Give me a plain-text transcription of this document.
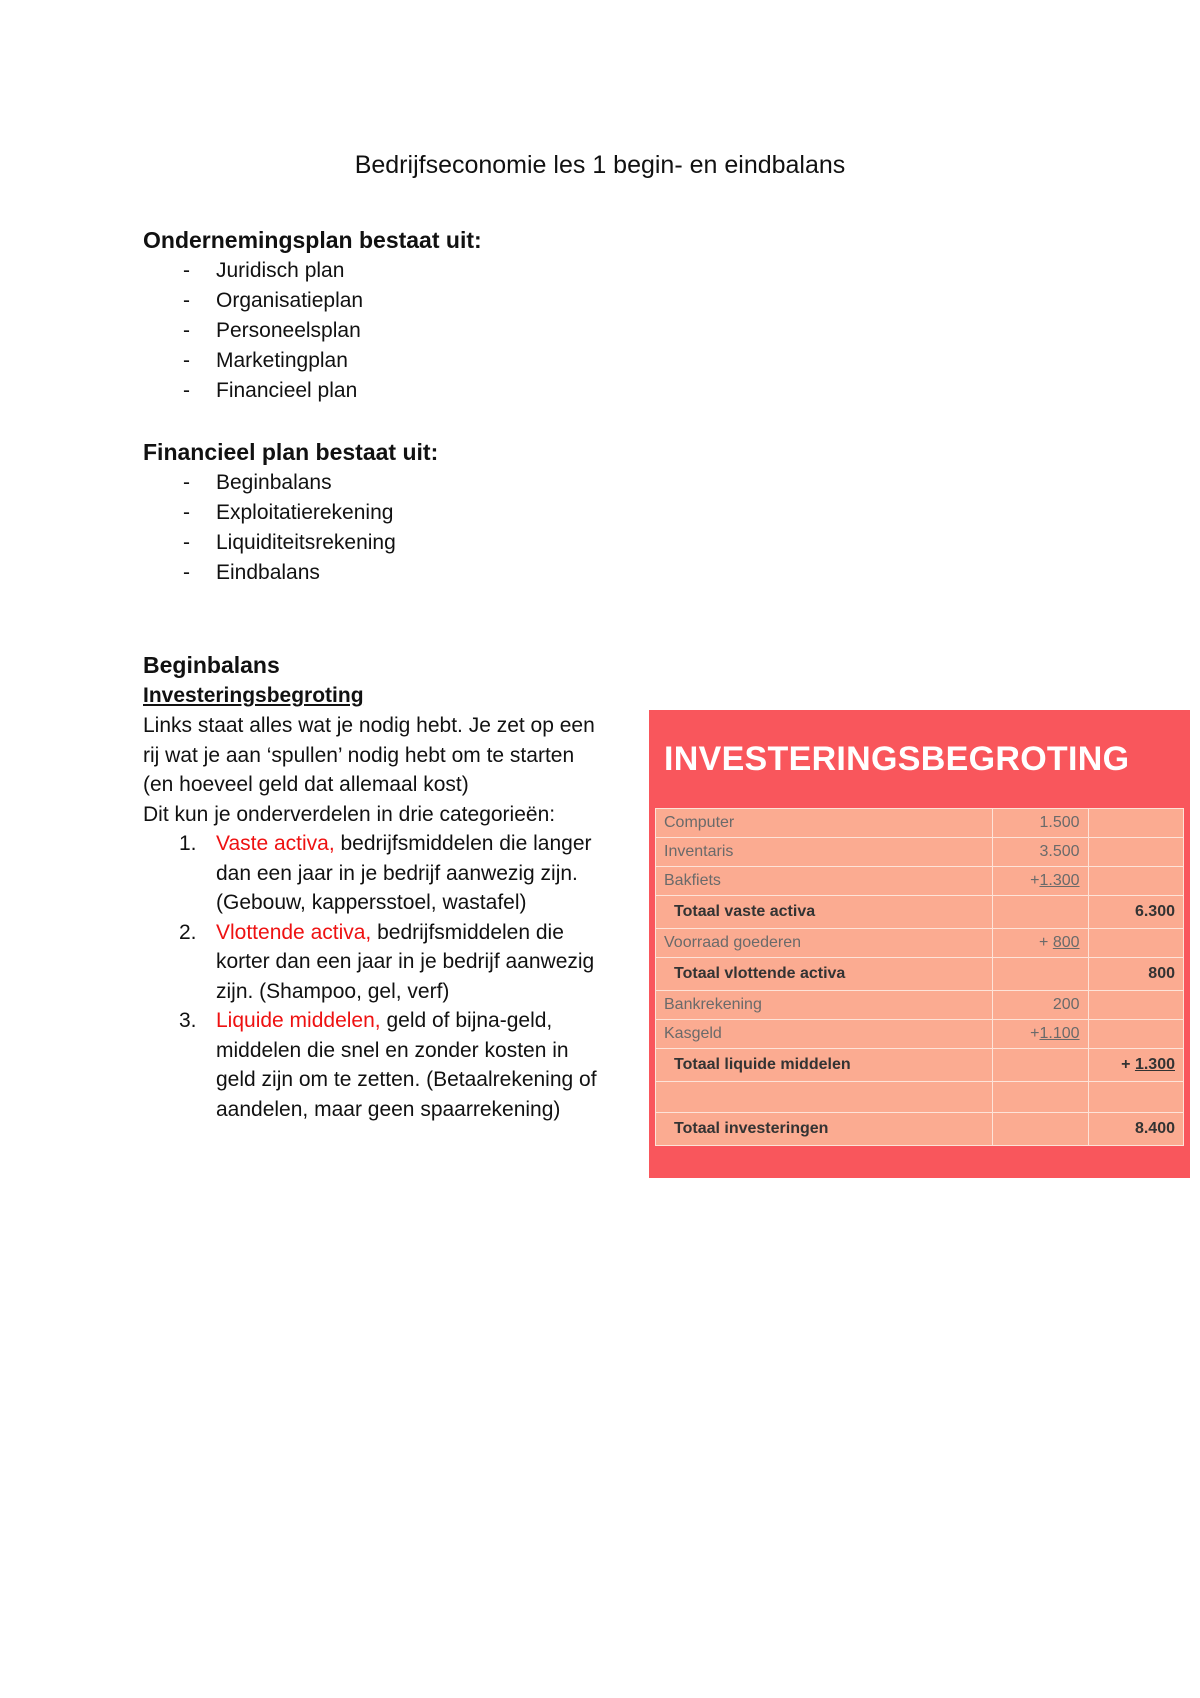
Bedrijfseconomie les 1 begin- en eindbalans
Ondernemingsplan bestaat uit:
- Juridisch plan
- Organisatieplan
- Personeelsplan
- Marketingplan
- Financieel plan
Financieel plan bestaat uit:
- Beginbalans
- Exploitatierekening
- Liquiditeitsrekening
- Eindbalans
Beginbalans
Investeringsbegroting
Links staat alles wat je nodig hebt. Je zet op een
rij wat je aan ‘spullen’ nodig hebt om te starten
(en hoeveel geld dat allemaal kost)
Dit kun je onderverdelen in drie categorieën:
1. Vaste activa, bedrijfsmiddelen die langer
dan een jaar in je bedrijf aanwezig zijn.
(Gebouw, kappersstoel, wastafel)
2. Vlottende activa, bedrijfsmiddelen die
korter dan een jaar in je bedrijf aanwezig
zijn. (Shampoo, gel, verf)
3. Liquide middelen, geld of bijna-geld,
middelen die snel en zonder kosten in
geld zijn om te zetten. (Betaalrekening of
aandelen, maar geen spaarrekening)
INVESTERINGSBEGROTING
Computer	1.500	
Inventaris	3.500	
Bakfiets	+1.300	
Totaal vaste activa		6.300
Voorraad goederen	+ 800	
Totaal vlottende activa		800
Bankrekening	200	
Kasgeld	+1.100	
Totaal liquide middelen		+ 1.300

Totaal investeringen		8.400
